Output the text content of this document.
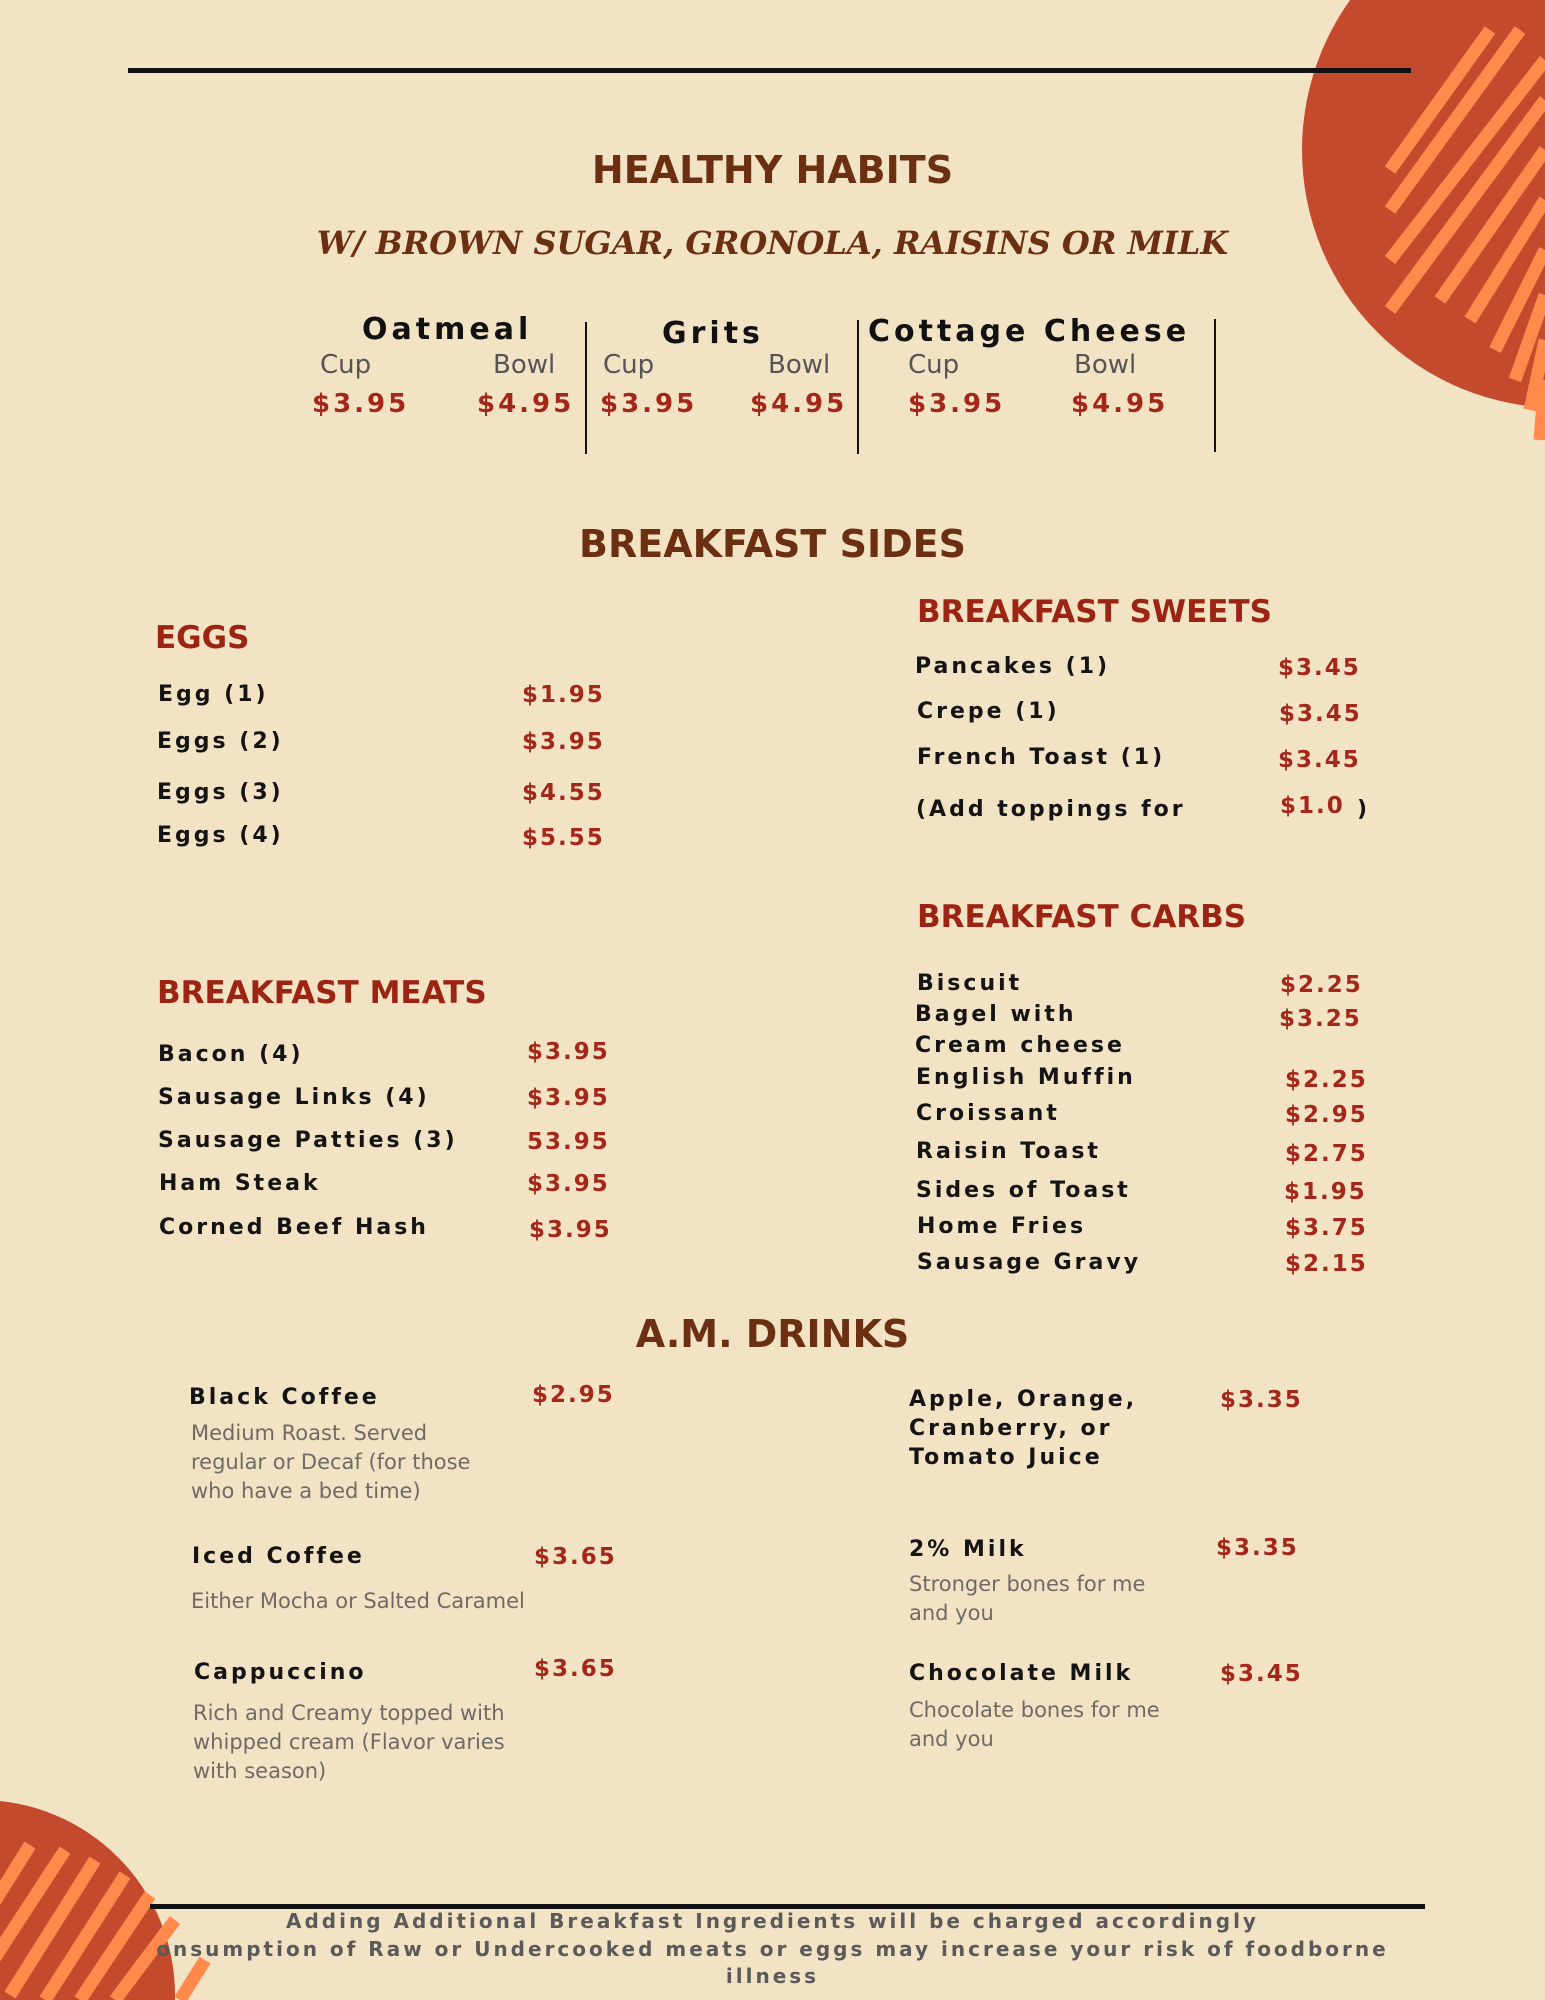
HEALTHY HABITS
W/ BROWN SUGAR, GRONOLA, RAISINS OR MILK
Oatmeal
Cup	Bowl
$3.95	$4.95
Grits
Cup	Bowl
$3.95 $4.95
Cottage Cheese
Cup	Bowl
$3.95	$4.95
BREAKFAST SIDES
EGGS
Egg (1)	$1.95
Eggs (2)	$3.95
Eggs (3)	$4.55
Eggs (4)	$5.55
BREAKFAST SWEETS
Pancakes (1)	$3.45
Crepe (1)	$3.45
French Toast (1)	$3.45
(Add toppings for	$1.0 )
BREAKFAST MEATS
Bacon (4)	$3.95
Sausage Links (4)	$3.95
Sausage Patties (3)	53.95
Ham Steak	$3.95
Corned Beef Hash	$3.95
BREAKFAST CARBS
Biscuit	$2.25
Bagel with
Cream cheese
$3.25
English Muffin	$2.25
Croissant	$2.95
Raisin Toast	$2.75
Sides of Toast	$1.95
Home Fries	$3.75
Sausage Gravy	$2.15
A.M. DRINKS
Black Coffee	$2.95
Medium Roast. Served
regular or Decaf (for those
who have a bed time)
Iced Coffee	$3.65
Either Mocha or Salted Caramel
Cappuccino	$3.65
Rich and Creamy topped with
whipped cream (Flavor varies
with season)
Apple, Orange,
Cranberry, or
Tomato Juice
$3.35
2% Milk	$3.35
Stronger bones for me
and you
Chocolate Milk	$3.45
Chocolate bones for me
and you
Adding Additional Breakfast Ingredients will be charged accordingly
onsumption of Raw or Undercooked meats or eggs may increase your risk of foodborne
illness
